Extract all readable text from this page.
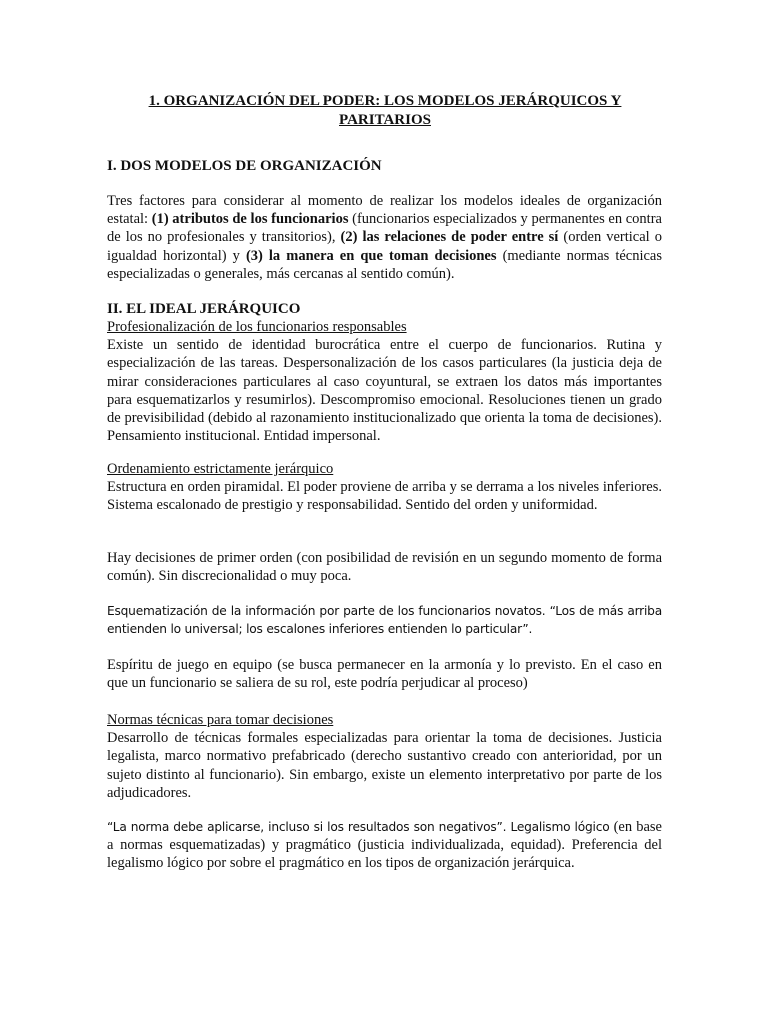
1. ORGANIZACIÓN DEL PODER: LOS MODELOS JERÁRQUICOS Y
PARITARIOS
I. DOS MODELOS DE ORGANIZACIÓN

Tres factores para considerar al momento de realizar los modelos ideales de organización estatal: (1) atributos de los funcionarios (funcionarios especializados y permanentes en contra de los no profesionales y transitorios), (2) las relaciones de poder entre sí (orden vertical o igualdad horizontal) y (3) la manera en que toman decisiones (mediante normas técnicas especializadas o generales, más cercanas al sentido común).

II. EL IDEAL JERÁRQUICO

Profesionalización de los funcionarios responsables
Existe un sentido de identidad burocrática entre el cuerpo de funcionarios. Rutina y especialización de las tareas. Despersonalización de los casos particulares (la justicia deja de mirar consideraciones particulares al caso coyuntural, se extraen los datos más importantes para esquematizarlos y resumirlos). Descompromiso emocional. Resoluciones tienen un grado de previsibilidad (debido al razonamiento institucionalizado que orienta la toma de decisiones). Pensamiento institucional. Entidad impersonal.

Ordenamiento estrictamente jerárquico
Estructura en orden piramidal. El poder proviene de arriba y se derrama a los niveles inferiores. Sistema escalonado de prestigio y responsabilidad. Sentido del orden y uniformidad.

Hay decisiones de primer orden (con posibilidad de revisión en un segundo momento de forma común). Sin discrecionalidad o muy poca.

Esquematización de la información por parte de los funcionarios novatos. “Los de más arriba entienden lo universal; los escalones inferiores entienden lo particular”.

Espíritu de juego en equipo (se busca permanecer en la armonía y lo previsto. En el caso en que un funcionario se saliera de su rol, este podría perjudicar al proceso)

Normas técnicas para tomar decisiones
Desarrollo de técnicas formales especializadas para orientar la toma de decisiones. Justicia legalista, marco normativo prefabricado (derecho sustantivo creado con anterioridad, por un sujeto distinto al funcionario). Sin embargo, existe un elemento interpretativo por parte de los adjudicadores.

“La norma debe aplicarse, incluso si los resultados son negativos”. Legalismo lógico (en base a normas esquematizadas) y pragmático (justicia individualizada, equidad). Preferencia del legalismo lógico por sobre el pragmático en los tipos de organización jerárquica.
